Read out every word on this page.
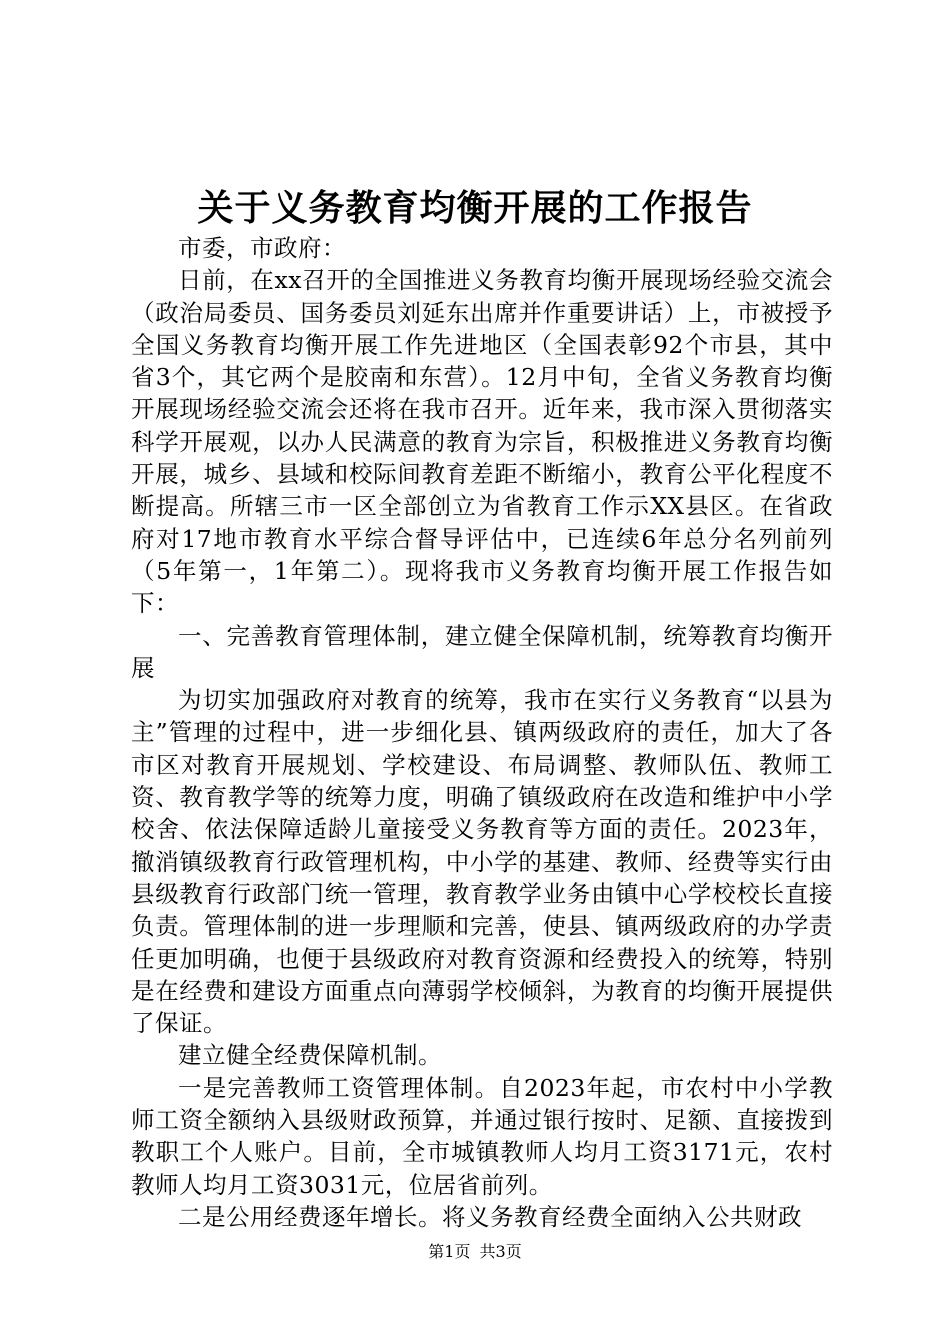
关于义务教育均衡开展的工作报告

市委，市政府：

日前，在xx召开的全国推进义务教育均衡开展现场经验交流会（政治局委员、国务委员刘延东出席并作重要讲话）上，市被授予全国义务教育均衡开展工作先进地区（全国表彰92个市县，其中省3个，其它两个是胶南和东营）。12月中旬，全省义务教育均衡开展现场经验交流会还将在我市召开。近年来，我市深入贯彻落实科学开展观，以办人民满意的教育为宗旨，积极推进义务教育均衡开展，城乡、县域和校际间教育差距不断缩小，教育公平化程度不断提高。所辖三市一区全部创立为省教育工作示XX县区。在省政府对17地市教育水平综合督导评估中，已连续6年总分名列前列（5年第一，1年第二）。现将我市义务教育均衡开展工作报告如下：

一、完善教育管理体制，建立健全保障机制，统筹教育均衡开展

为切实加强政府对教育的统筹，我市在实行义务教育“以县为主”管理的过程中，进一步细化县、镇两级政府的责任，加大了各市区对教育开展规划、学校建设、布局调整、教师队伍、教师工资、教育教学等的统筹力度，明确了镇级政府在改造和维护中小学校舍、依法保障适龄儿童接受义务教育等方面的责任。2023年，撤消镇级教育行政管理机构，中小学的基建、教师、经费等实行由县级教育行政部门统一管理，教育教学业务由镇中心学校校长直接负责。管理体制的进一步理顺和完善，使县、镇两级政府的办学责任更加明确，也便于县级政府对教育资源和经费投入的统筹，特别是在经费和建设方面重点向薄弱学校倾斜，为教育的均衡开展提供了保证。

建立健全经费保障机制。

一是完善教师工资管理体制。自2023年起，市农村中小学教师工资全额纳入县级财政预算，并通过银行按时、足额、直接拨到教职工个人账户。目前，全市城镇教师人均月工资3171元，农村教师人均月工资3031元，位居省前列。

二是公用经费逐年增长。将义务教育经费全面纳入公共财政

第1页 共3页
